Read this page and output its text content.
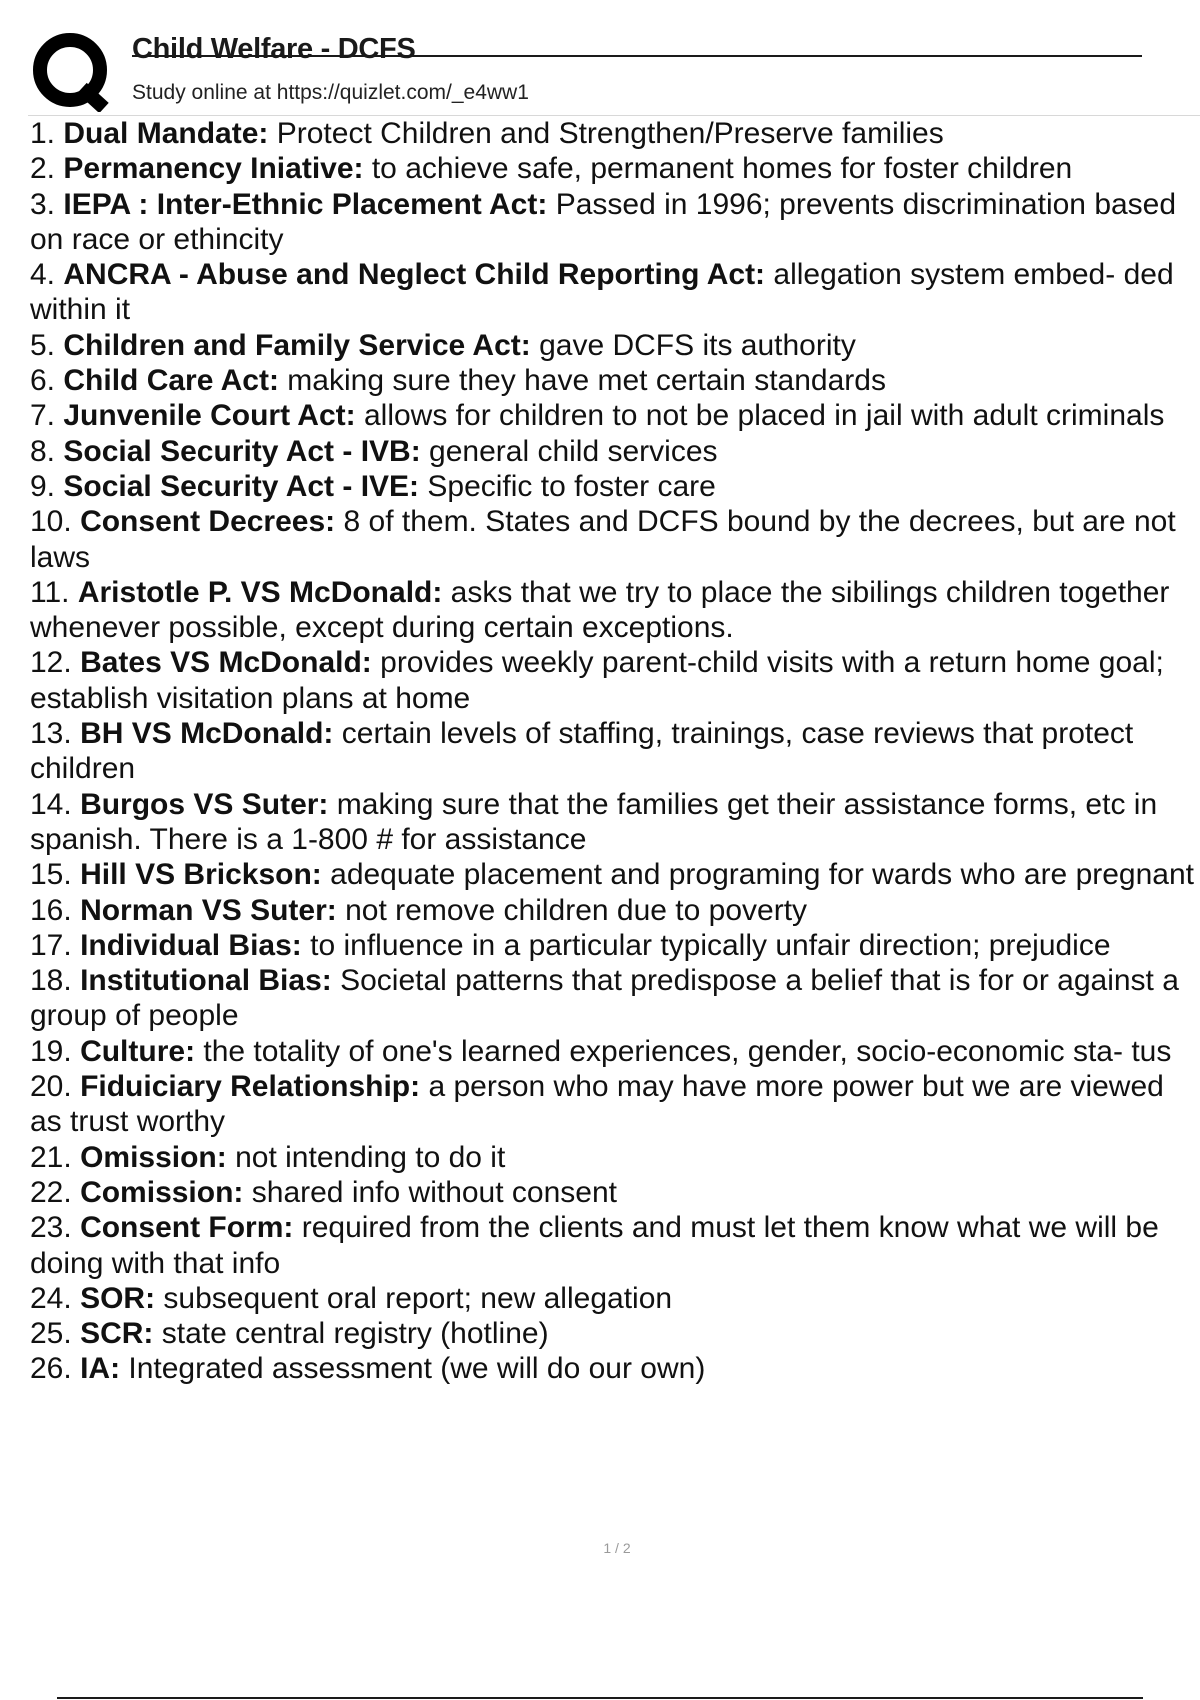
Child Welfare - DCFS
Study online at https://quizlet.com/_e4ww1
1. Dual Mandate: Protect Children and Strengthen/Preserve families
2. Permanency Iniative: to achieve safe, permanent homes for foster children
3. IEPA : Inter-Ethnic Placement Act: Passed in 1996; prevents discrimination based on race or ethincity
4. ANCRA - Abuse and Neglect Child Reporting Act: allegation system embed- ded within it
5. Children and Family Service Act: gave DCFS its authority
6. Child Care Act: making sure they have met certain standards
7. Junvenile Court Act: allows for children to not be placed in jail with adult criminals
8. Social Security Act - IVB: general child services
9. Social Security Act - IVE: Specific to foster care
10. Consent Decrees: 8 of them. States and DCFS bound by the decrees, but are not laws
11. Aristotle P. VS McDonald: asks that we try to place the sibilings children together whenever possible, except during certain exceptions.
12. Bates VS McDonald: provides weekly parent-child visits with a return home goal; establish visitation plans at home
13. BH VS McDonald: certain levels of staffing, trainings, case reviews that protect children
14. Burgos VS Suter: making sure that the families get their assistance forms, etc in spanish. There is a 1-800 # for assistance
15. Hill VS Brickson: adequate placement and programing for wards who are pregnant
16. Norman VS Suter: not remove children due to poverty
17. Individual Bias: to influence in a particular typically unfair direction; prejudice
18. Institutional Bias: Societal patterns that predispose a belief that is for or against a group of people
19. Culture: the totality of one's learned experiences, gender, socio-economic sta- tus
20. Fiduiciary Relationship: a person who may have more power but we are viewed as trust worthy
21. Omission: not intending to do it
22. Comission: shared info without consent
23. Consent Form: required from the clients and must let them know what we will be doing with that info
24. SOR: subsequent oral report; new allegation
25. SCR: state central registry (hotline)
26. IA: Integrated assessment (we will do our own)
1 / 2
